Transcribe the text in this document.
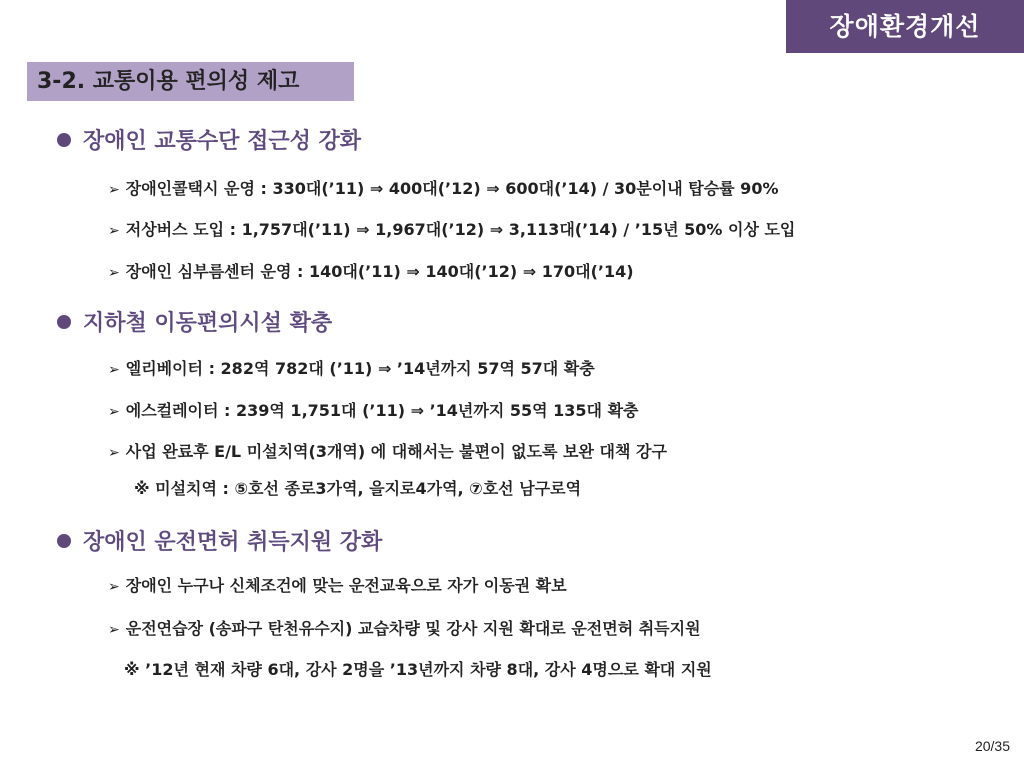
장애환경개선
3-2. 교통이용 편의성 제고
장애인 교통수단 접근성 강화
➢ 장애인콜택시 운영 : 330대(’11) ⇒ 400대(’12) ⇒ 600대(’14) / 30분이내 탑승률 90%
➢ 저상버스 도입 : 1,757대(’11) ⇒ 1,967대(’12) ⇒ 3,113대(’14) / ’15년 50% 이상 도입
➢ 장애인 심부름센터 운영 : 140대(’11) ⇒ 140대(’12) ⇒ 170대(’14)
지하철 이동편의시설 확충
➢ 엘리베이터 : 282역 782대 (’11) ⇒ ’14년까지 57역 57대 확충
➢ 에스컬레이터 : 239역 1,751대 (’11) ⇒ ’14년까지 55역 135대 확충
➢ 사업 완료후 E/L 미설치역(3개역) 에 대해서는 불편이 없도록 보완 대책 강구
※ 미설치역 : ⑤호선 종로3가역, 을지로4가역, ⑦호선 남구로역
장애인 운전면허 취득지원 강화
➢ 장애인 누구나 신체조건에 맞는 운전교육으로 자가 이동권 확보
➢ 운전연습장 (송파구 탄천유수지) 교습차량 및 강사 지원 확대로 운전면허 취득지원
※ ’12년 현재 차량 6대, 강사 2명을 ’13년까지 차량 8대, 강사 4명으로 확대 지원
20/35
